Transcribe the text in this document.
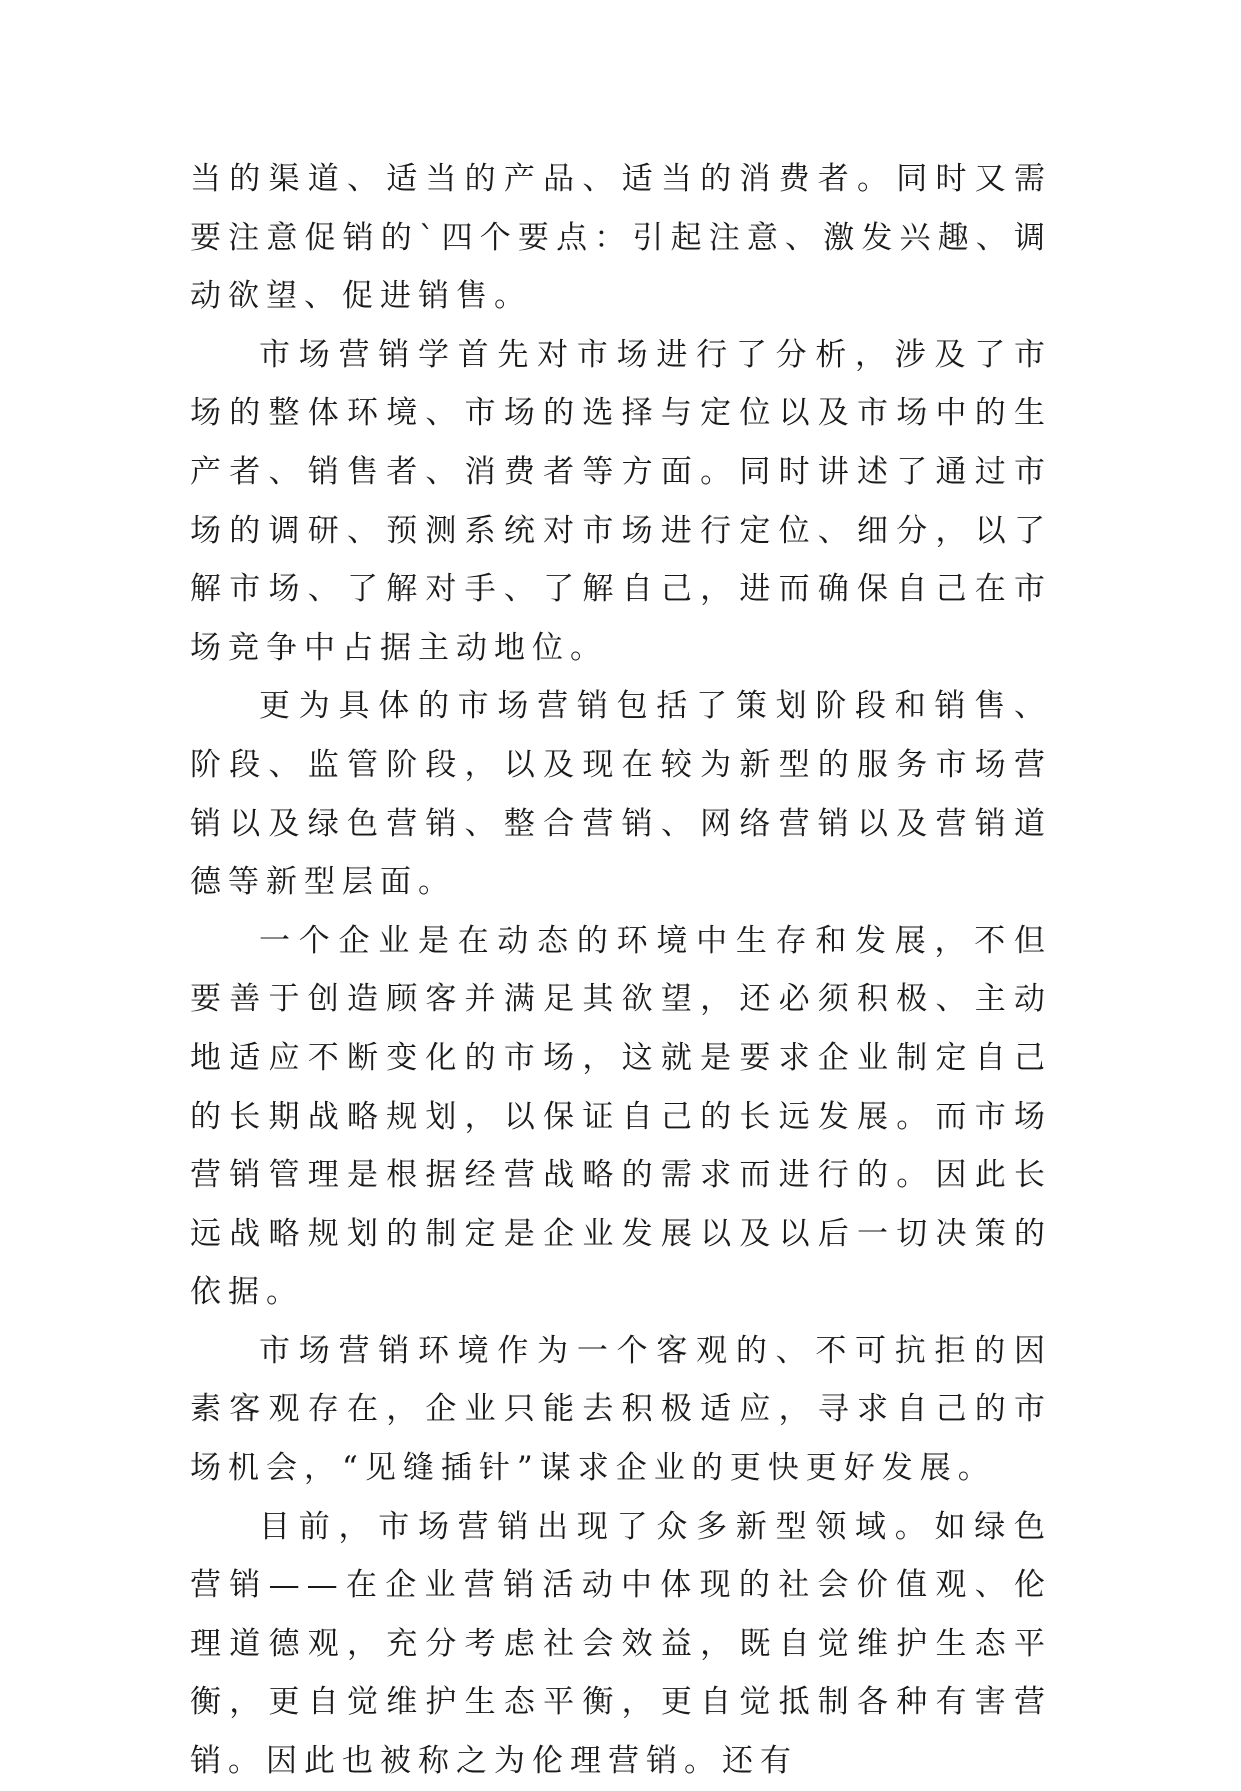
当的渠道、适当的产品、适当的消费者。同时又需要注意促销的`四个要点：引起注意、激发兴趣、调动欲望、促进销售。

市场营销学首先对市场进行了分析，涉及了市场的整体环境、市场的选择与定位以及市场中的生产者、销售者、消费者等方面。同时讲述了通过市场的调研、预测系统对市场进行定位、细分，以了解市场、了解对手、了解自己，进而确保自己在市场竞争中占据主动地位。

更为具体的市场营销包括了策划阶段和销售、阶段、监管阶段，以及现在较为新型的服务市场营销以及绿色营销、整合营销、网络营销以及营销道德等新型层面。

一个企业是在动态的环境中生存和发展，不但要善于创造顾客并满足其欲望，还必须积极、主动地适应不断变化的市场，这就是要求企业制定自己的长期战略规划，以保证自己的长远发展。而市场营销管理是根据经营战略的需求而进行的。因此长远战略规划的制定是企业发展以及以后一切决策的依据。

市场营销环境作为一个客观的、不可抗拒的因素客观存在，企业只能去积极适应，寻求自己的市场机会，“见缝插针”谋求企业的更快更好发展。

目前，市场营销出现了众多新型领域。如绿色营销——在企业营销活动中体现的社会价值观、伦理道德观，充分考虑社会效益，既自觉维护生态平衡，更自觉维护生态平衡，更自觉抵制各种有害营销。因此也被称之为伦理营销。还有
